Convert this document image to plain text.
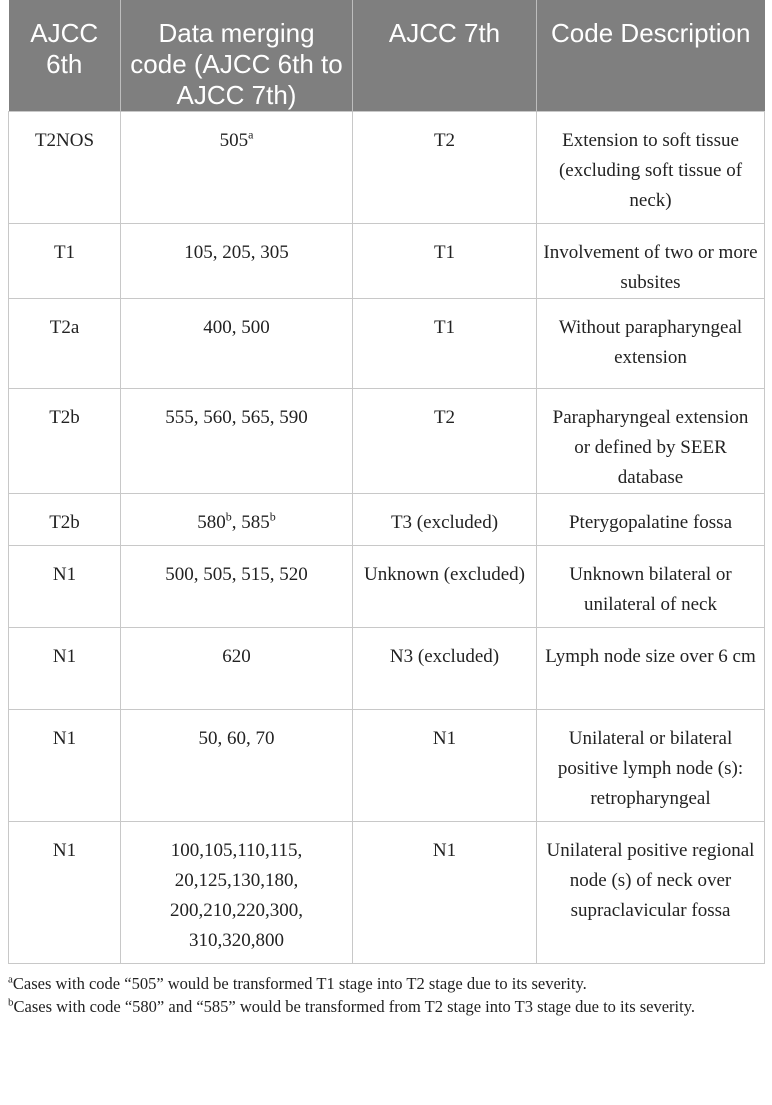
AJCC 6th	Data merging code (AJCC 6th to AJCC 7th)	AJCC 7th	Code Description
T2NOS	505$^a$	T2	Extension to soft tissue (excluding soft tissue of neck)
T1	105, 205, 305	T1	Involvement of two or more subsites
T2a	400, 500	T1	Without parapharyngeal extension
T2b	555, 560, 565, 590	T2	Parapharyngeal extension or defined by SEER database
T2b	580$^b$, 585$^b$	T3 (excluded)	Pterygopalatine fossa
N1	500, 505, 515, 520	Unknown (excluded)	Unknown bilateral or unilateral of neck
N1	620	N3 (excluded)	Lymph node size over 6 cm
N1	50, 60, 70	N1	Unilateral or bilateral positive lymph node (s): retropharyngeal
N1	100,105,110,115, 20,125,130,180, 200,210,220,300, 310,320,800	N1	Unilateral positive regional node (s) of neck over supraclavicular fossa

$^a$Cases with code “505” would be transformed T1 stage into T2 stage due to its severity.

$^b$Cases with code “580” and “585” would be transformed from T2 stage into T3 stage due to its severity.
